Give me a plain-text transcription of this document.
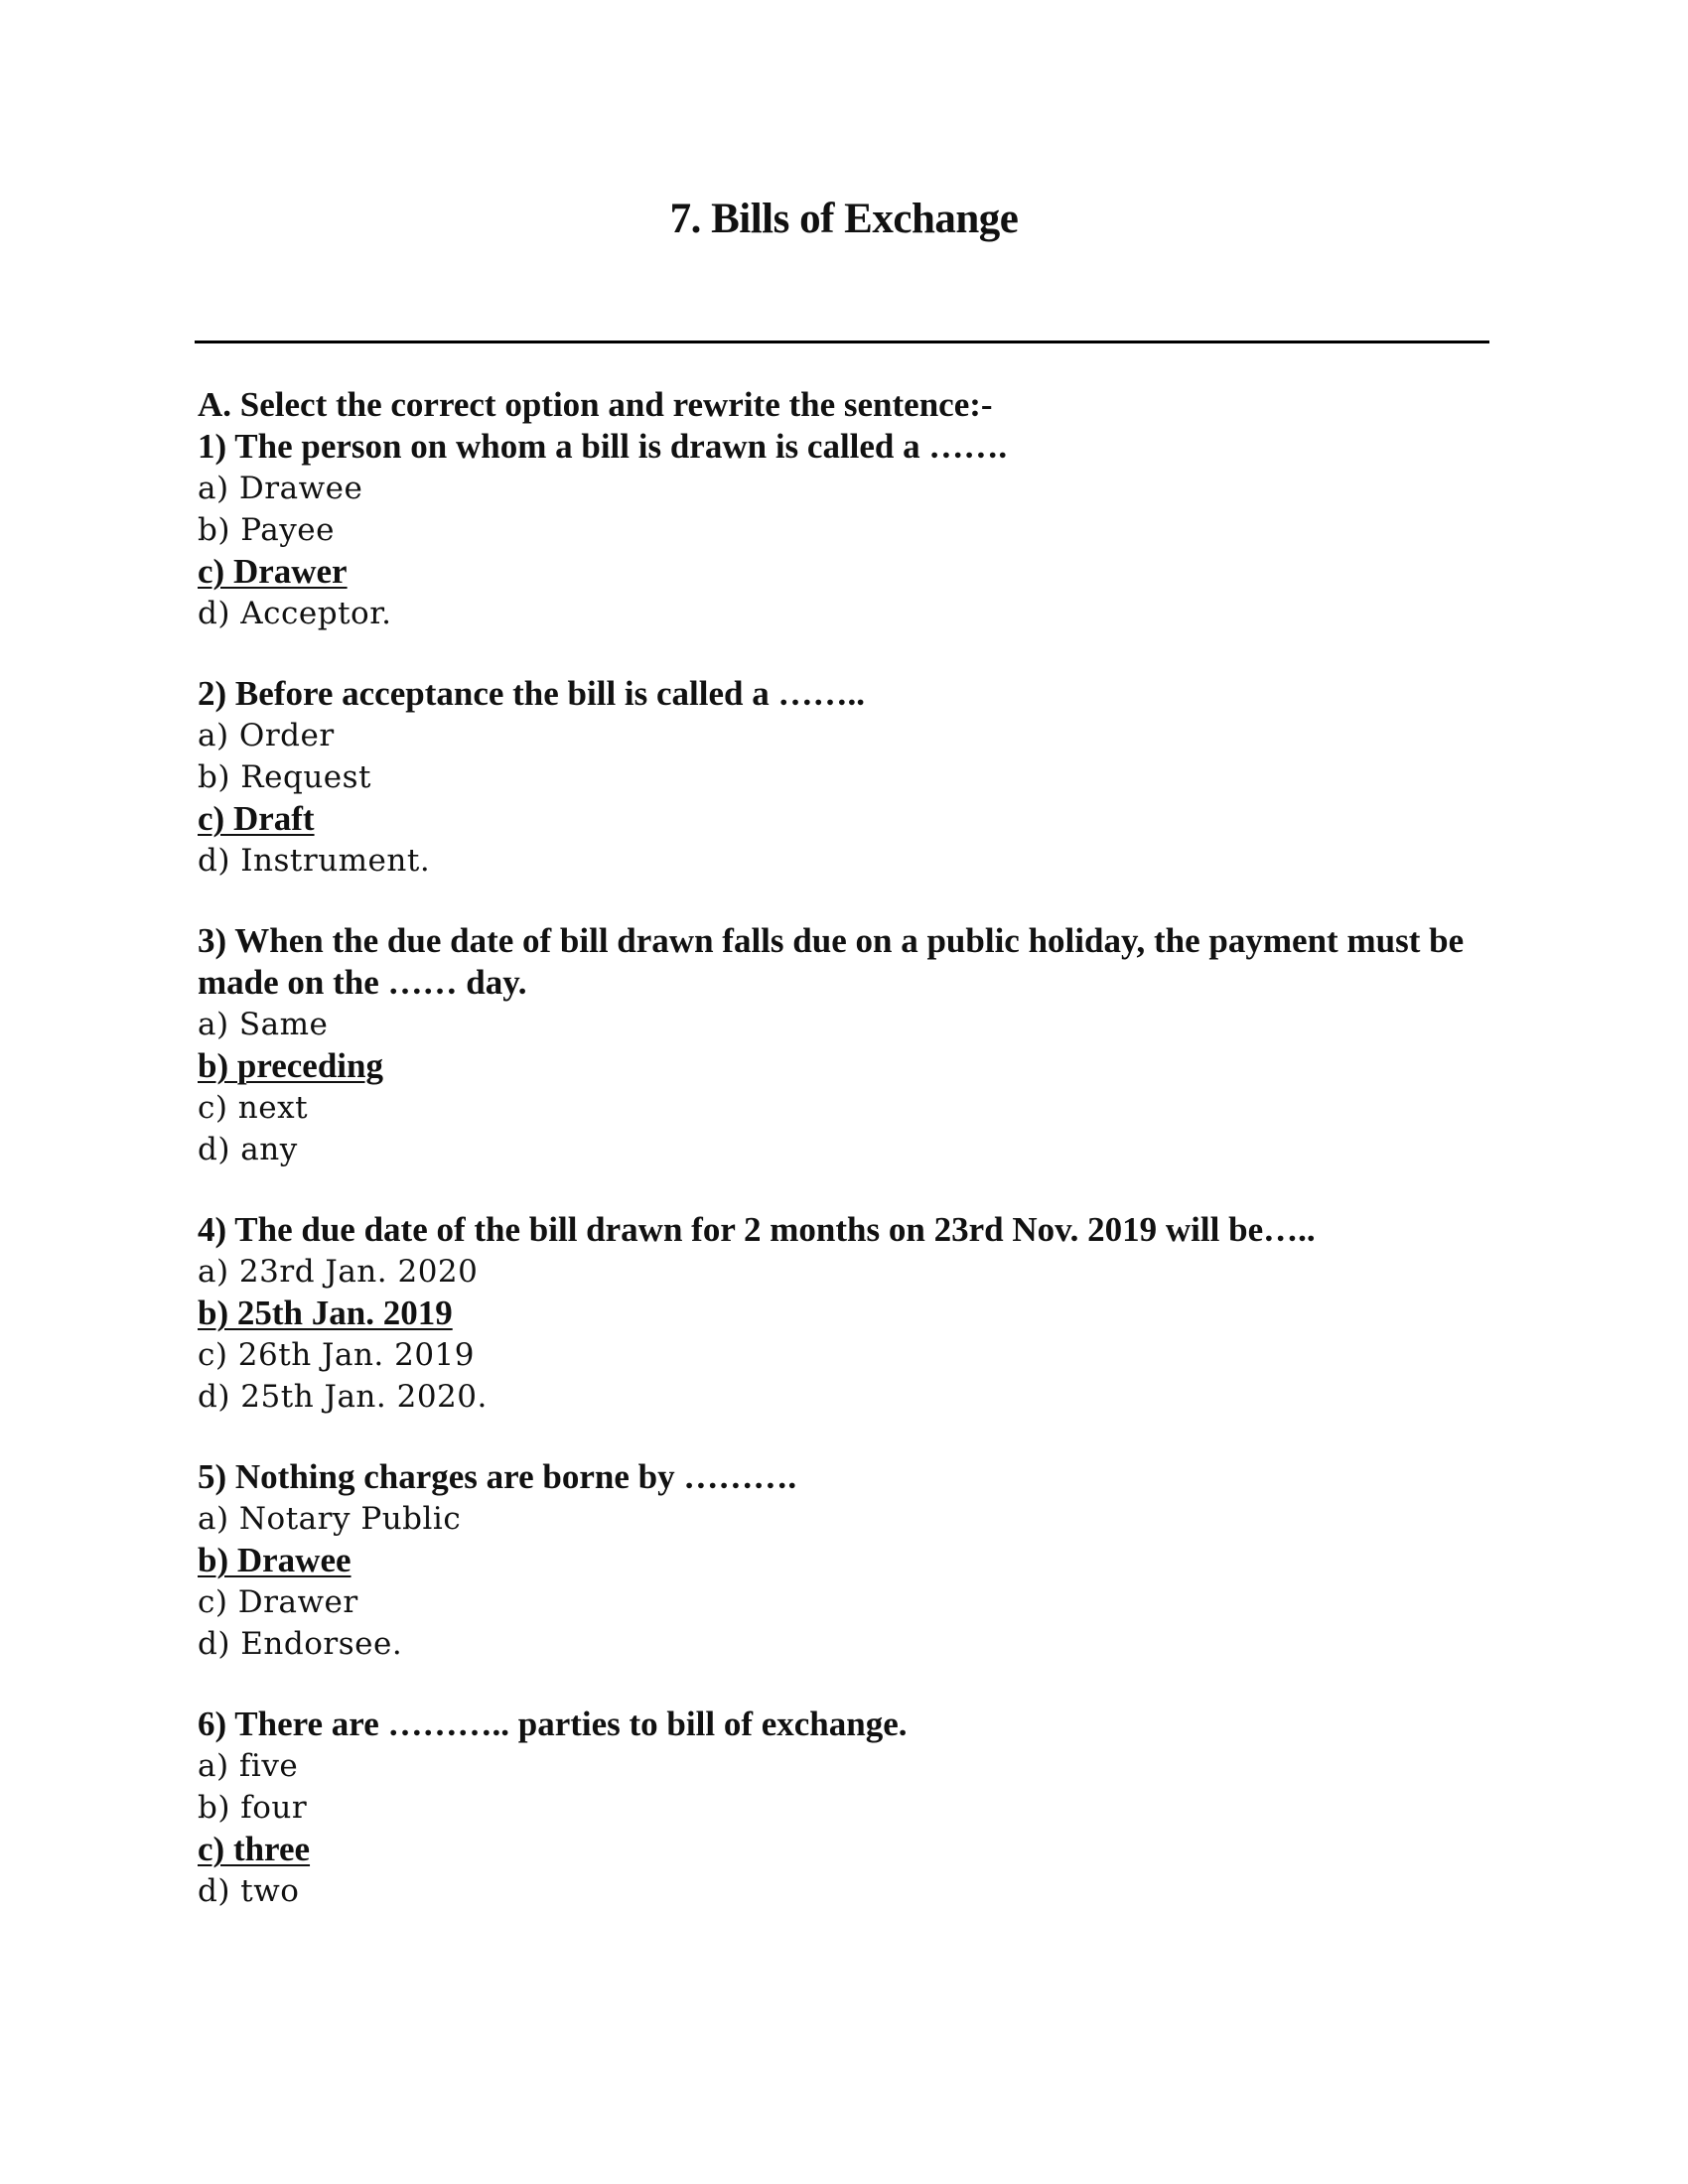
7. Bills of Exchange

A. Select the correct option and rewrite the sentence:-

1) The person on whom a bill is drawn is called a …….

a) Drawee

b) Payee

c) Drawer

d) Acceptor.

2) Before acceptance the bill is called a ……..

a) Order

b) Request

c) Draft

d) Instrument.

3) When the due date of bill drawn falls due on a public holiday, the payment must be made on the …… day.

a) Same

b) preceding

c) next

d) any

4) The due date of the bill drawn for 2 months on 23rd Nov. 2019 will be…..

a) 23rd Jan. 2020

b) 25th Jan. 2019

c) 26th Jan. 2019

d) 25th Jan. 2020.

5) Nothing charges are borne by ……….

a) Notary Public

b) Drawee

c) Drawer

d) Endorsee.

6) There are ……….. parties to bill of exchange.

a) five

b) four

c) three

d) two
